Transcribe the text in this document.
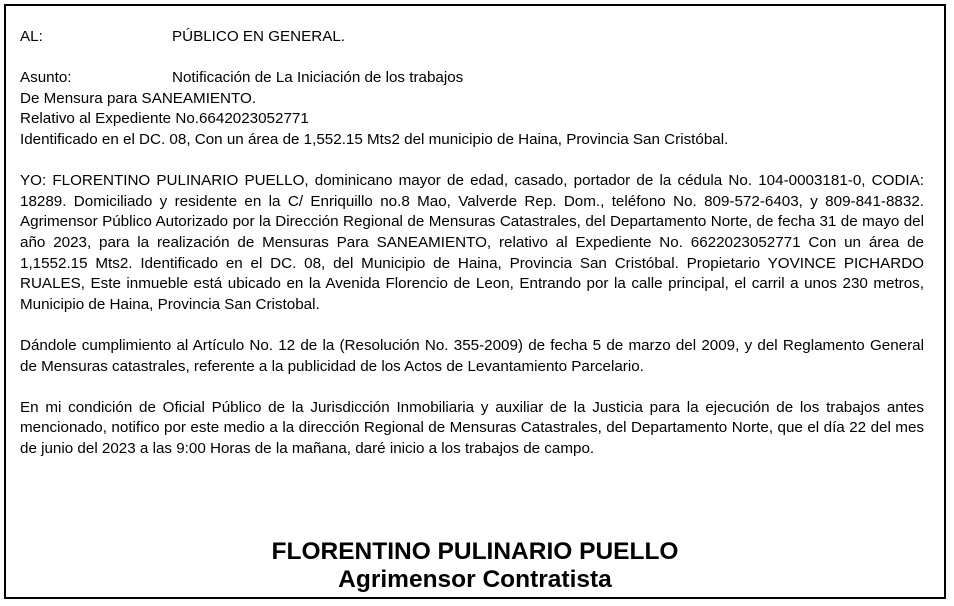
AL:	PÚBLICO EN GENERAL.
Asunto:	Notificación de La Iniciación de los trabajos
De Mensura para SANEAMIENTO.
Relativo al Expediente No.6642023052771
Identificado en el DC. 08, Con un área de 1,552.15 Mts2 del municipio de Haina, Provincia San Cristóbal.

YO: FLORENTINO PULINARIO PUELLO, dominicano mayor de edad, casado, portador de la cédula No. 104-0003181-0, CODIA: 18289. Domiciliado y residente en la C/ Enriquillo no.8 Mao, Valverde Rep. Dom., teléfono No. 809-572-6403, y 809-841-8832. Agrimensor Público Autorizado por la Dirección Regional de Mensuras Catastrales, del Departamento Norte, de fecha 31 de mayo del año 2023, para la realización de Mensuras Para SANEAMIENTO, relativo al Expediente No. 6622023052771 Con un área de 1,1552.15 Mts2. Identificado en el DC. 08, del Municipio de Haina, Provincia San Cristóbal. Propietario YOVINCE PICHARDO RUALES, Este inmueble está ubicado en la Avenida Florencio de Leon, Entrando por la calle principal, el carril a unos 230 metros, Municipio de Haina, Provincia San Cristobal.

Dándole cumplimiento al Artículo No. 12 de la (Resolución No. 355-2009) de fecha 5 de marzo del 2009, y del Reglamento General de Mensuras catastrales, referente a la publicidad de los Actos de Levantamiento Parcelario.

En mi condición de Oficial Público de la Jurisdicción Inmobiliaria y auxiliar de la Justicia para la ejecución de los trabajos antes mencionado, notifico por este medio a la dirección Regional de Mensuras Catastrales, del Departamento Norte, que el día 22 del mes de junio del 2023 a las 9:00 Horas de la mañana, daré inicio a los trabajos de campo.

FLORENTINO PULINARIO PUELLO
Agrimensor Contratista
